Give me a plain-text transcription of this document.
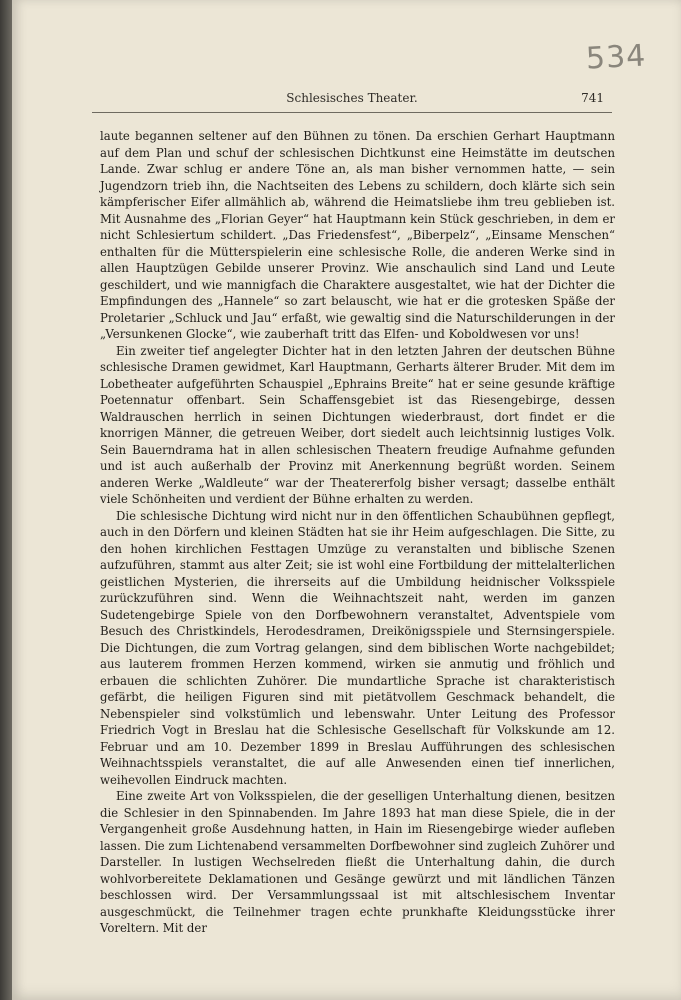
534
Schlesisches Theater.	741

laute begannen seltener auf den Bühnen zu tönen. Da erschien Gerhart Hauptmann auf dem Plan und schuf der schlesischen Dichtkunst eine Heimstätte im deutschen Lande. Zwar schlug er andere Töne an, als man bisher vernommen hatte, — sein Jugendzorn trieb ihn, die Nachtseiten des Lebens zu schildern, doch klärte sich sein kämpferischer Eifer allmählich ab, während die Heimatsliebe ihm treu geblieben ist. Mit Ausnahme des „Florian Geyer“ hat Hauptmann kein Stück geschrieben, in dem er nicht Schlesiertum schildert. „Das Friedensfest“, „Biberpelz“, „Einsame Menschen“ enthalten für die Mütterspielerin eine schlesische Rolle, die anderen Werke sind in allen Hauptzügen Gebilde unserer Provinz. Wie anschaulich sind Land und Leute geschildert, und wie mannigfach die Charaktere ausgestaltet, wie hat der Dichter die Empfindungen des „Hannele“ so zart belauscht, wie hat er die grotesken Späße der Proletarier „Schluck und Jau“ erfaßt, wie gewaltig sind die Naturschilderungen in der „Versunkenen Glocke“, wie zauberhaft tritt das Elfen- und Koboldwesen vor uns!

Ein zweiter tief angelegter Dichter hat in den letzten Jahren der deutschen Bühne schlesische Dramen gewidmet, Karl Hauptmann, Gerharts älterer Bruder. Mit dem im Lobetheater aufgeführten Schauspiel „Ephrains Breite“ hat er seine gesunde kräftige Poetennatur offenbart. Sein Schaffensgebiet ist das Riesengebirge, dessen Waldrauschen herrlich in seinen Dichtungen wiederbraust, dort findet er die knorrigen Männer, die getreuen Weiber, dort siedelt auch leichtsinnig lustiges Volk. Sein Bauerndrama hat in allen schlesischen Theatern freudige Aufnahme gefunden und ist auch außerhalb der Provinz mit Anerkennung begrüßt worden. Seinem anderen Werke „Waldleute“ war der Theatererfolg bisher versagt; dasselbe enthält viele Schönheiten und verdient der Bühne erhalten zu werden.

Die schlesische Dichtung wird nicht nur in den öffentlichen Schaubühnen gepflegt, auch in den Dörfern und kleinen Städten hat sie ihr Heim aufgeschlagen. Die Sitte, zu den hohen kirchlichen Festtagen Umzüge zu veranstalten und biblische Szenen aufzuführen, stammt aus alter Zeit; sie ist wohl eine Fortbildung der mittelalterlichen geistlichen Mysterien, die ihrerseits auf die Umbildung heidnischer Volksspiele zurückzuführen sind. Wenn die Weihnachtszeit naht, werden im ganzen Sudetengebirge Spiele von den Dorfbewohnern veranstaltet, Adventspiele vom Besuch des Christkindels, Herodesdramen, Dreikönigsspiele und Sternsingerspiele. Die Dichtungen, die zum Vortrag gelangen, sind dem biblischen Worte nachgebildet; aus lauterem frommen Herzen kommend, wirken sie anmutig und fröhlich und erbauen die schlichten Zuhörer. Die mundartliche Sprache ist charakteristisch gefärbt, die heiligen Figuren sind mit pietätvollem Geschmack behandelt, die Nebenspieler sind volkstümlich und lebenswahr. Unter Leitung des Professor Friedrich Vogt in Breslau hat die Schlesische Gesellschaft für Volkskunde am 12. Februar und am 10. Dezember 1899 in Breslau Aufführungen des schlesischen Weihnachtsspiels veranstaltet, die auf alle Anwesenden einen tief innerlichen, weihevollen Eindruck machten.

Eine zweite Art von Volksspielen, die der geselligen Unterhaltung dienen, besitzen die Schlesier in den Spinnabenden. Im Jahre 1893 hat man diese Spiele, die in der Vergangenheit große Ausdehnung hatten, in Hain im Riesengebirge wieder aufleben lassen. Die zum Lichtenabend versammelten Dorfbewohner sind zugleich Zuhörer und Darsteller. In lustigen Wechselreden fließt die Unterhaltung dahin, die durch wohlvorbereitete Deklamationen und Gesänge gewürzt und mit ländlichen Tänzen beschlossen wird. Der Versammlungssaal ist mit altschlesischem Inventar ausgeschmückt, die Teilnehmer tragen echte prunkhafte Kleidungsstücke ihrer Voreltern. Mit der
